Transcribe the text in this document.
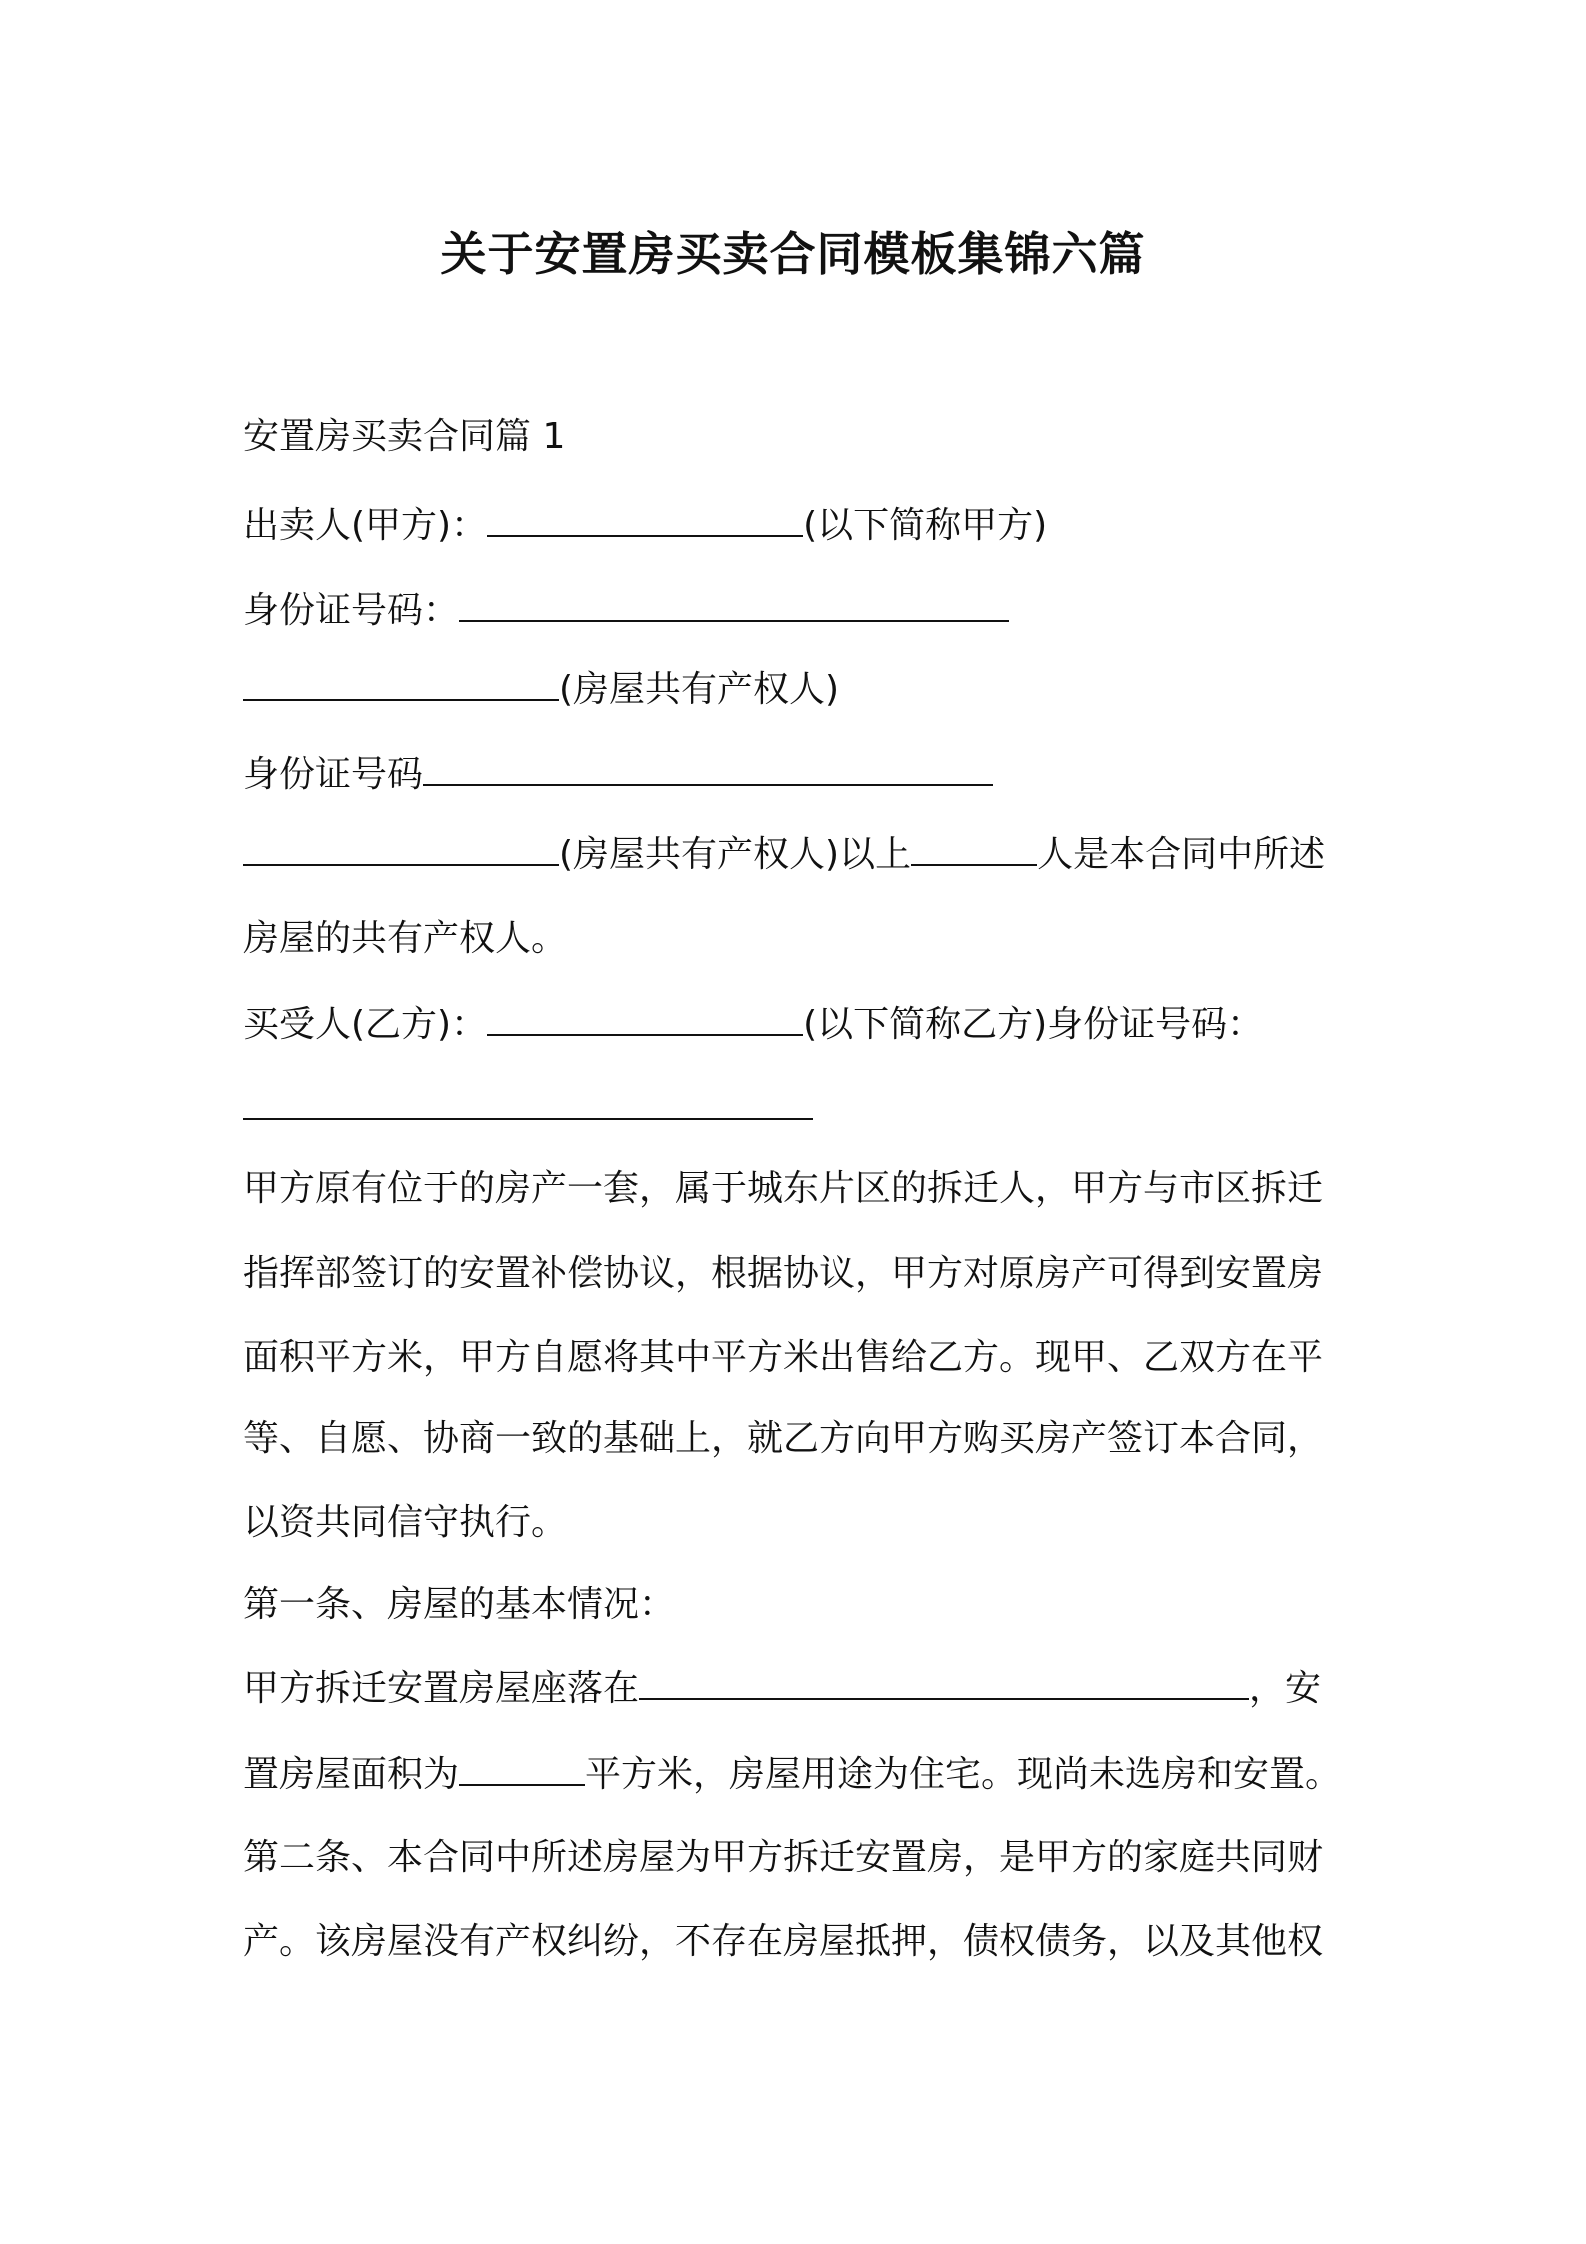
关于安置房买卖合同模板集锦六篇
安置房买卖合同篇 1
出卖人(甲方)：	(以下简称甲方)
身份证号码：
(房屋共有产权人)
身份证号码
(房屋共有产权人)以上	人是本合同中所述
房屋的共有产权人。
买受人(乙方)：	(以下简称乙方)身份证号码：
甲方原有位于的房产一套，属于城东片区的拆迁人，甲方与市区拆迁
指挥部签订的安置补偿协议，根据协议，甲方对原房产可得到安置房
面积平方米，甲方自愿将其中平方米出售给乙方。现甲、乙双方在平
等、自愿、协商一致的基础上，就乙方向甲方购买房产签订本合同，
以资共同信守执行。
第一条、房屋的基本情况：
甲方拆迁安置房屋座落在	，安
置房屋面积为	平方米，房屋用途为住宅。现尚未选房和安置。
第二条、本合同中所述房屋为甲方拆迁安置房，是甲方的家庭共同财
产。该房屋没有产权纠纷，不存在房屋抵押，债权债务，以及其他权
